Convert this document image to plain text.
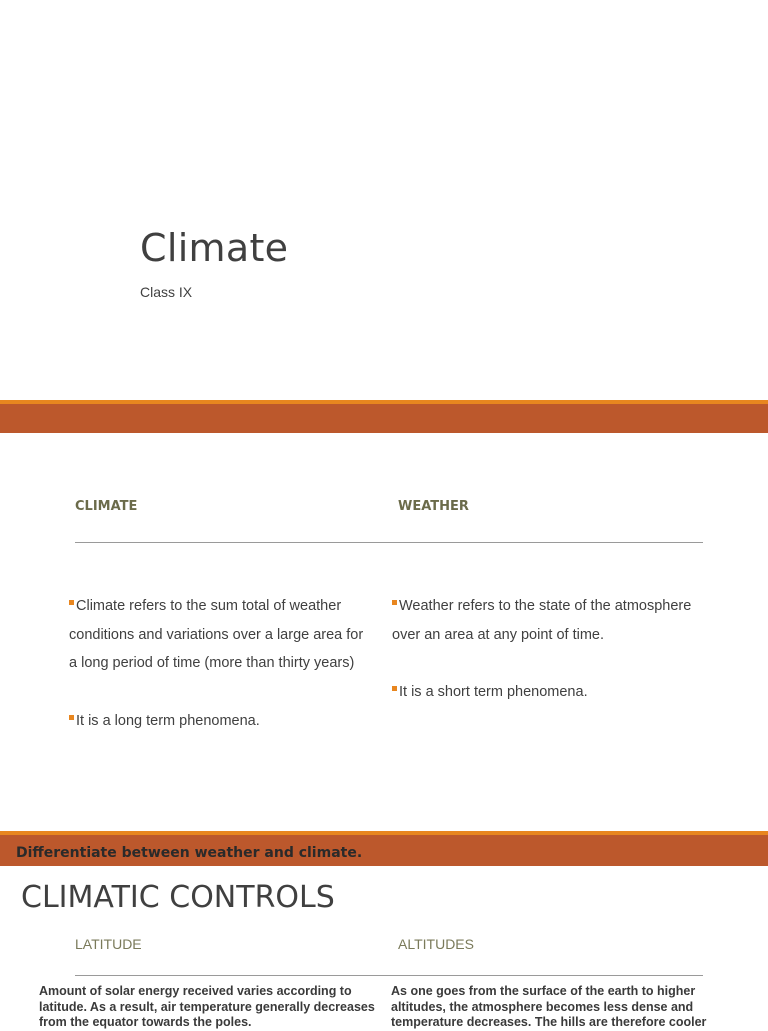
Climate
Class IX
CLIMATE	WEATHER

Climate refers to the sum total of weather conditions and variations over a large area for a long period of time (more than thirty years)

It is a long term phenomena.

Weather refers to the state of the atmosphere over an area at any point of time.

It is a short term phenomena.

Differentiate between weather and climate.
CLIMATIC CONTROLS
LATITUDE	ALTITUDES
Amount of solar energy received varies according to latitude. As a result, air temperature generally decreases from the equator towards the poles.
As one goes from the surface of the earth to higher altitudes, the atmosphere becomes less dense and temperature decreases. The hills are therefore cooler
